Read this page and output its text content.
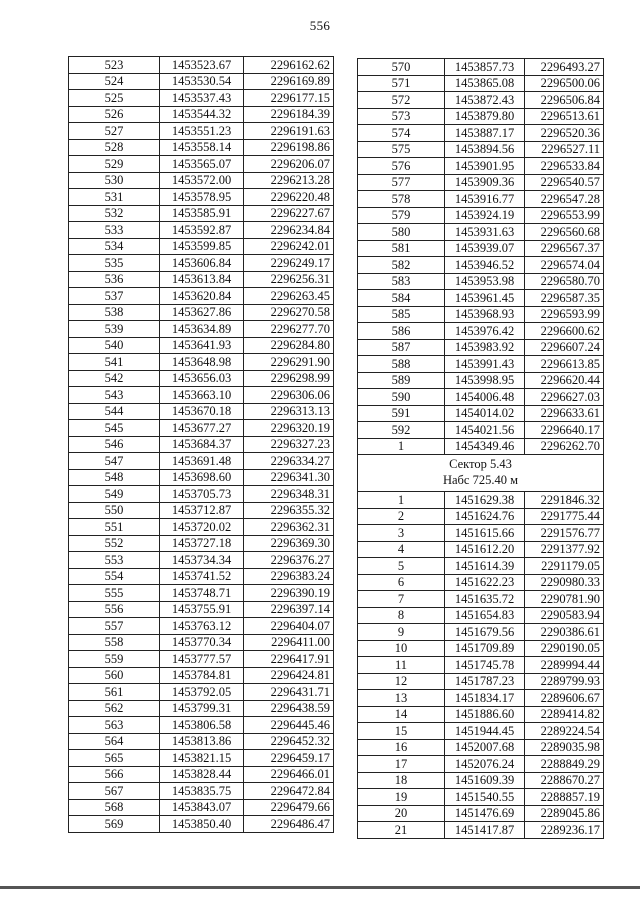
556
523	1453523.67	2296162.62
524	1453530.54	2296169.89
525	1453537.43	2296177.15
526	1453544.32	2296184.39
527	1453551.23	2296191.63
528	1453558.14	2296198.86
529	1453565.07	2296206.07
530	1453572.00	2296213.28
531	1453578.95	2296220.48
532	1453585.91	2296227.67
533	1453592.87	2296234.84
534	1453599.85	2296242.01
535	1453606.84	2296249.17
536	1453613.84	2296256.31
537	1453620.84	2296263.45
538	1453627.86	2296270.58
539	1453634.89	2296277.70
540	1453641.93	2296284.80
541	1453648.98	2296291.90
542	1453656.03	2296298.99
543	1453663.10	2296306.06
544	1453670.18	2296313.13
545	1453677.27	2296320.19
546	1453684.37	2296327.23
547	1453691.48	2296334.27
548	1453698.60	2296341.30
549	1453705.73	2296348.31
550	1453712.87	2296355.32
551	1453720.02	2296362.31
552	1453727.18	2296369.30
553	1453734.34	2296376.27
554	1453741.52	2296383.24
555	1453748.71	2296390.19
556	1453755.91	2296397.14
557	1453763.12	2296404.07
558	1453770.34	2296411.00
559	1453777.57	2296417.91
560	1453784.81	2296424.81
561	1453792.05	2296431.71
562	1453799.31	2296438.59
563	1453806.58	2296445.46
564	1453813.86	2296452.32
565	1453821.15	2296459.17
566	1453828.44	2296466.01
567	1453835.75	2296472.84
568	1453843.07	2296479.66
569	1453850.40	2296486.47
570	1453857.73	2296493.27
571	1453865.08	2296500.06
572	1453872.43	2296506.84
573	1453879.80	2296513.61
574	1453887.17	2296520.36
575	1453894.56	2296527.11
576	1453901.95	2296533.84
577	1453909.36	2296540.57
578	1453916.77	2296547.28
579	1453924.19	2296553.99
580	1453931.63	2296560.68
581	1453939.07	2296567.37
582	1453946.52	2296574.04
583	1453953.98	2296580.70
584	1453961.45	2296587.35
585	1453968.93	2296593.99
586	1453976.42	2296600.62
587	1453983.92	2296607.24
588	1453991.43	2296613.85
589	1453998.95	2296620.44
590	1454006.48	2296627.03
591	1454014.02	2296633.61
592	1454021.56	2296640.17
1	1454349.46	2296262.70
Сектор 5.43
Набс 725.40 м		
1	1451629.38	2291846.32
2	1451624.76	2291775.44
3	1451615.66	2291576.77
4	1451612.20	2291377.92
5	1451614.39	2291179.05
6	1451622.23	2290980.33
7	1451635.72	2290781.90
8	1451654.83	2290583.94
9	1451679.56	2290386.61
10	1451709.89	2290190.05
11	1451745.78	2289994.44
12	1451787.23	2289799.93
13	1451834.17	2289606.67
14	1451886.60	2289414.82
15	1451944.45	2289224.54
16	1452007.68	2289035.98
17	1452076.24	2288849.29
18	1451609.39	2288670.27
19	1451540.55	2288857.19
20	1451476.69	2289045.86
21	1451417.87	2289236.17
